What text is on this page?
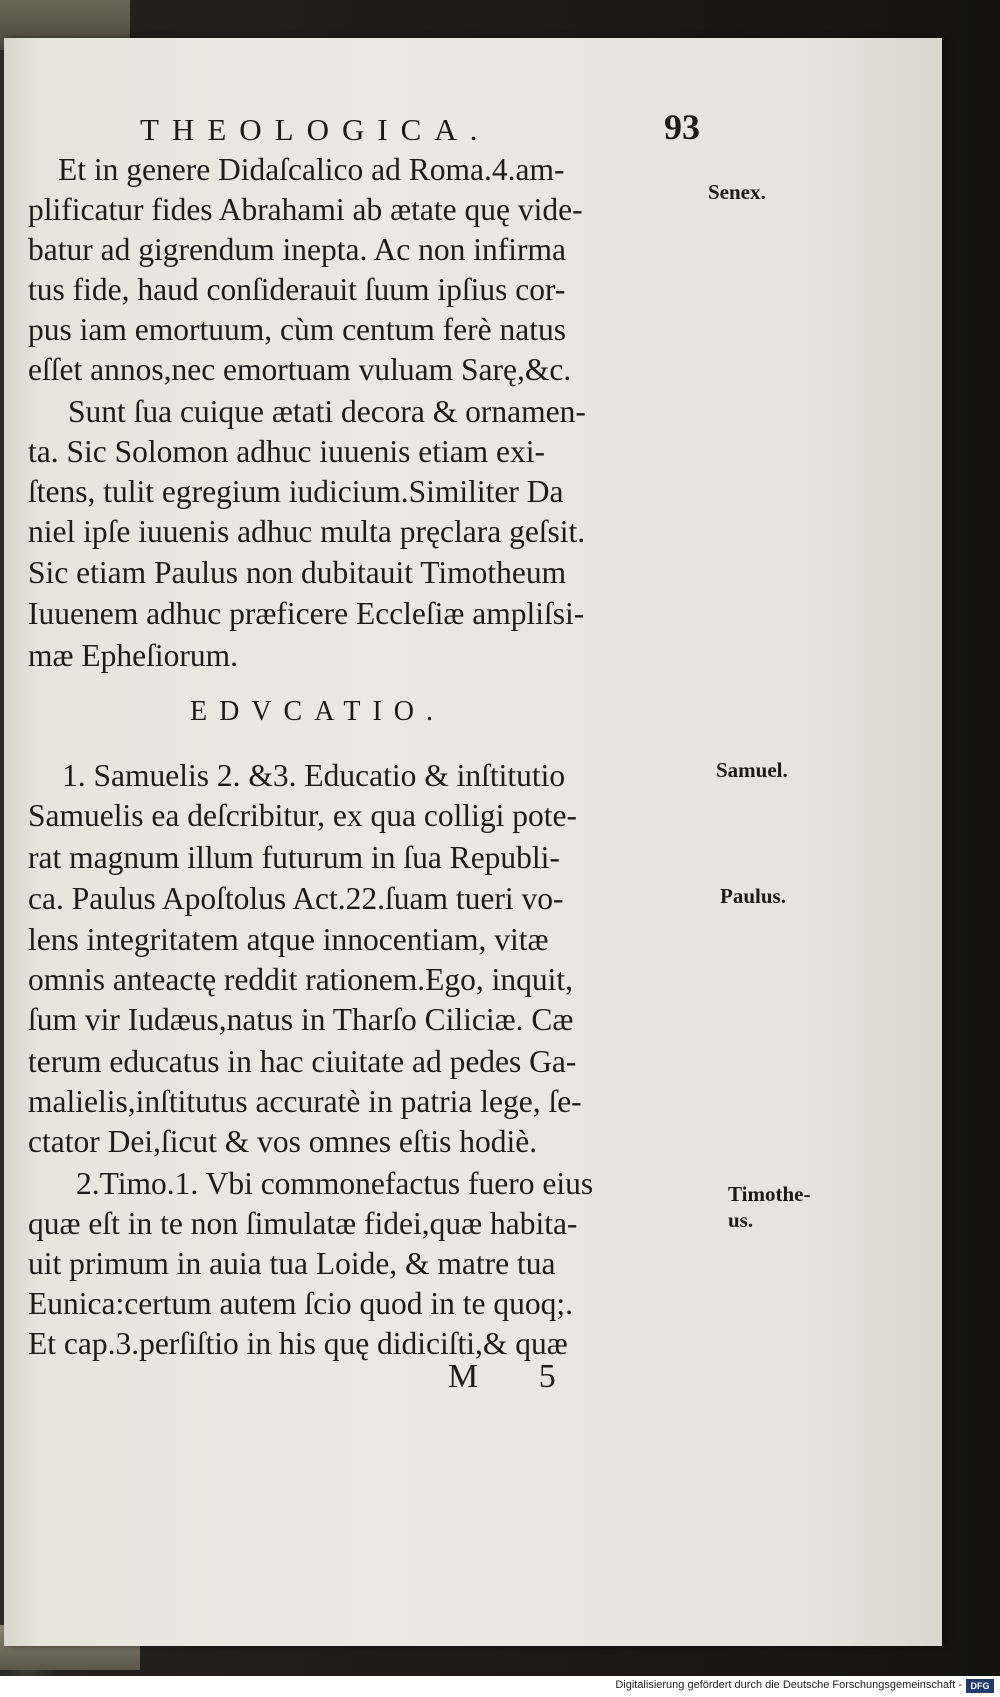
THEOLOGICA.	93
Et in genere Didaſcalico ad Roma.4.am-
plificatur fides Abrahami ab ætate quę vide-
batur ad gigrendum inepta. Ac non infirma
tus fide, haud conſiderauit ſuum ipſius cor-
pus iam emortuum, cùm centum ferè natus
eſſet annos,nec emortuam vuluam Sarę,&c.
Sunt ſua cuique ætati decora & ornamen-
ta. Sic Solomon adhuc iuuenis etiam exi-
ſtens, tulit egregium iudicium.Similiter Da
niel ipſe iuuenis adhuc multa pręclara geſsit.
Sic etiam Paulus non dubitauit Timotheum
Iuuenem adhuc præficere Eccleſiæ ampliſsi-
mæ Epheſiorum.
EDVCATIO.
1. Samuelis 2. &3. Educatio & inſtitutio
Samuelis ea deſcribitur, ex qua colligi pote-
rat magnum illum futurum in ſua Republi-
ca. Paulus Apoſtolus Act.22.ſuam tueri vo-
lens integritatem atque innocentiam, vitæ
omnis anteactę reddit rationem.Ego, inquit,
ſum vir Iudæus,natus in Tharſo Ciliciæ. Cæ
terum educatus in hac ciuitate ad pedes Ga-
malielis,inſtitutus accuratè in patria lege, ſe-
ctator Dei,ſicut & vos omnes eſtis hodiè.
2.Timo.1. Vbi commonefactus fuero eius
quæ eſt in te non ſimulatæ fidei,quæ habita-
uit primum in auia tua Loide, & matre tua
Eunica:certum autem ſcio quod in te quoq;.
Et cap.3.perſiſtio in his quę didiciſti,& quæ
Senex.
Samuel.
Paulus.
Timothe-
us.
M 5
Digitalisierung gefördert durch die Deutsche Forschungsgemeinschaft - DFG
